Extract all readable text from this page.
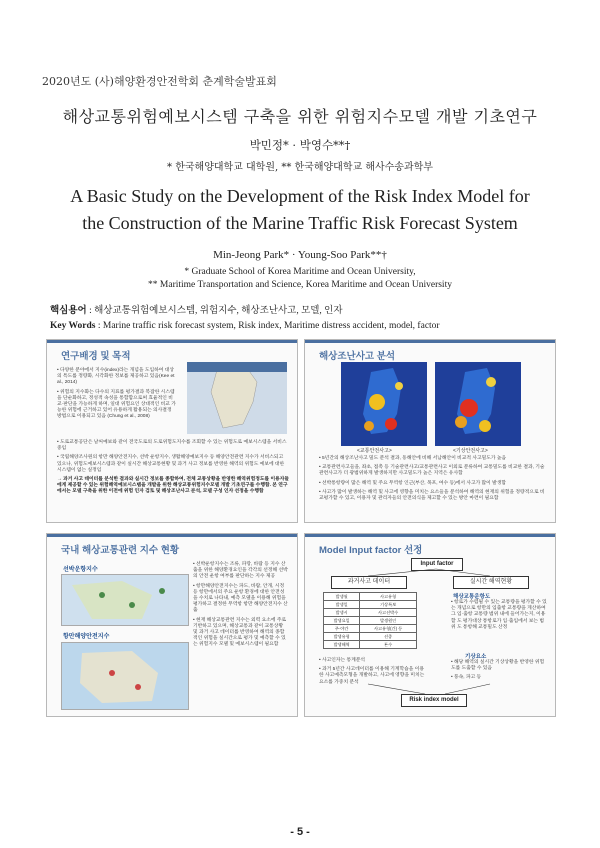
2020년도 (사)해양환경안전학회 춘계학술발표회
해상교통위험예보시스템 구축을 위한 위험지수모델 개발 기초연구
박민정* · 박영수**†
* 한국해양대학교 대학원, ** 한국해양대학교 해사수송과학부
A Basic Study on the Development of the Risk Index Model for the Construction of the Marine Traffic Risk Forecast System
Min-Jeong Park* · Young-Soo Park**†
* Graduate School of Korea Maritime and Ocean University,
** Maritime Transportation and Science, Korea Maritime and Ocean University
핵심용어 : 해상교통위험예보시스템, 위험지수, 해상조난사고, 모델, 인자
Key Words : Marine traffic risk forecast system, Risk index, Maritime distress accident, model, factor
연구배경 및 목적

• 다양한 분야에서 지수(index)라는 개념을 도입하여 대상의 특도를 정량화, 시각화한 정보를 제공하고 있음(Kee et al., 2014)

• 위험의 지수화는 다수의 지표를 평가결과 복잡한 시스템을 단순화하고, 정성적 속성을 통합함으로써 효율적인 비교·판단을 가능하게 하며, 일대 위험요인 상대적인 비교 가능한 위험에 근거하고 있어 유용하게 활용되는 의사결정 방법으로 이용되고 있음 (Chung et al., 2008)

• 도로교통공단은 날씨예보와 같이 전국도로의 도로위험도지수를 조회할 수 있는 위험도로 예보시스템을 서비스 중임

• 국립해양조사원의 항만 해양안전지수, 선박 운항지수, 생활해양예보지수 등 해양안전관련 지수가 서비스되고 있으나, 위험도예보시스템과 같이 실시간 해상교통현황 및 과거 사고 정보를 반영한 해역의 위험도 예보에 대한 시스템이 없는 실정임

→ 과거 사고 데이터를 분석한 결과와 실시간 정보를 종합하여, 전체 교통상황을 반영한 해역위험정도를 이용자들에게 제공할 수 있는 위험해역예보시스템을 개발을 위한 해상교통위험지수모델 개발 기초연구를 수행함. 본 연구에서는 모델 구축을 위한 이전에 위험 인자 검토 및 해상조난사고 분석, 모델 구성 인자 선정을 수행함

해상조난사고 분석
<교통안전사고>	<기상안전사고>

• 5년간의 해상조난사고 밀도 분석 결과, 동해안에 비해 서남해안이 비교적 사고밀도가 높음

• 교통관련사고들을, 좌초, 접촉 등 기술관련사고/교통관련사고 이외로 분류하여 교통밀도를 비교한 결과, 기술관련사고가 더 광범위하게 발생하지만 사고밀도가 높은 지역은 유사함

• 선박통항량이 많은 해역 및 주요 무역항 인근(부산, 목포, 여수 등)에서 사고가 많이 발생함

• 사고가 많이 발생하는 해역 및 사고에 영향을 미치는 요소들을 분석하여 해역의 현재의 위험을 정량적으로 비교평가할 수 있고, 이용자 및 관리자들의 안전의식을 제고할 수 있는 방안 마련이 필요함

국내 해상교통관련 지수 현황
선박운항지수
항만해양안전지수

• 선박운항지수는 조류, 파랑, 바람 등 지수 산출을 위한 해양환경요인을 각각의 선정해 선박의 안전 운항 여부를 판단하는 지수 제공

• 항만해양안전지수는 파도, 바람, 안개, 시정 등 항만에서의 주요 운항 환경에 대한 안전성을 수치로 나타내, 예측 모델을 이용해 위험을 평가하고 결정한 무역항 항만 해양안전지수 산출

• 현재 해상교통관련 지수는 외력 요소에 주로 기반하고 있으며, 해상교통과 같이 교통상황 및 과거 사고 데이터를 반영하여 해역의 종합적인 위험을 실시간으로 평가 및 예측할 수 있는 위험지수 모델 및 예보시스템이 필요함

Model Input factor 선정
Input factor
과거사고 데이터	실시간 해역현황
발생월	사고유형
발생일	기상특보
발생시	사고선박수
발생요일	발생원인
주·야간	사고유형(간) 등
발생유형	선종
발생해역	톤수
해상교통운항도

• 항로가 수렴될 수 있는 교통량을 평가할 수 있는 개념으로 항만의 입출항 교통량을 게산하여 그 입·출항 교통량 범위 내에 들어가는지, 이용할 도 평가대상 통항로가 입·출입에서 보는 범위 도 통항해 교통밀도 산정

• 사고인자는 통계분석

• 과거 5년간 사고데이터를 이용해 기계학습을 이용한 사고예측모형을 개발하고, 사고에 영향을 미치는 요소를 가중치 분석

기상요소

• 해당 해역의 실시간 기상상황을 반영한 위험도를 도출할 수 있음

• 풍속, 파고 등

Risk index model
- 5 -
